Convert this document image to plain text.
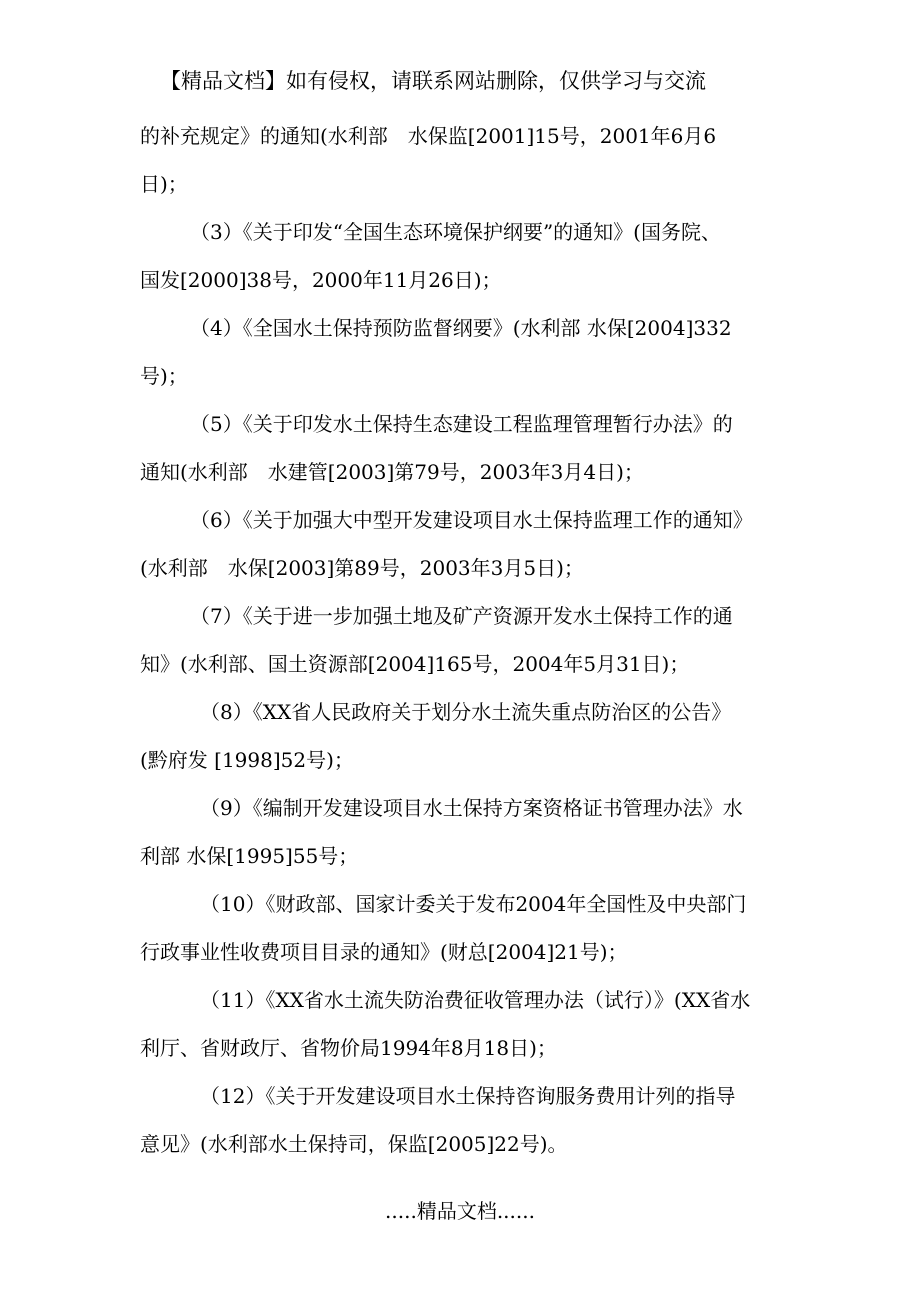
【精品文档】如有侵权，请联系网站删除，仅供学习与交流
的补充规定》的通知(水利部　水保监[2001]15号，2001年6月6
日)；
（3）《关于印发“全国生态环境保护纲要”的通知》(国务院、
国发[2000]38号，2000年11月26日)；
（4）《全国水土保持预防监督纲要》(水利部 水保[2004]332
号)；
（5）《关于印发水土保持生态建设工程监理管理暂行办法》的
通知(水利部　水建管[2003]第79号，2003年3月4日)；
（6）《关于加强大中型开发建设项目水土保持监理工作的通知》
(水利部　水保[2003]第89号，2003年3月5日)；
（7）《关于进一步加强土地及矿产资源开发水土保持工作的通
知》(水利部、国土资源部[2004]165号，2004年5月31日)；
（8）《XX省人民政府关于划分水土流失重点防治区的公告》
(黔府发 [1998]52号)；
（9）《编制开发建设项目水土保持方案资格证书管理办法》水
利部 水保[1995]55号；
（10）《财政部、国家计委关于发布2004年全国性及中央部门
行政事业性收费项目目录的通知》(财总[2004]21号)；
（11）《XX省水土流失防治费征收管理办法（试行）》(XX省水
利厅、省财政厅、省物价局1994年8月18日)；
（12）《关于开发建设项目水土保持咨询服务费用计列的指导
意见》(水利部水土保持司，保监[2005]22号)。
.....精品文档......
